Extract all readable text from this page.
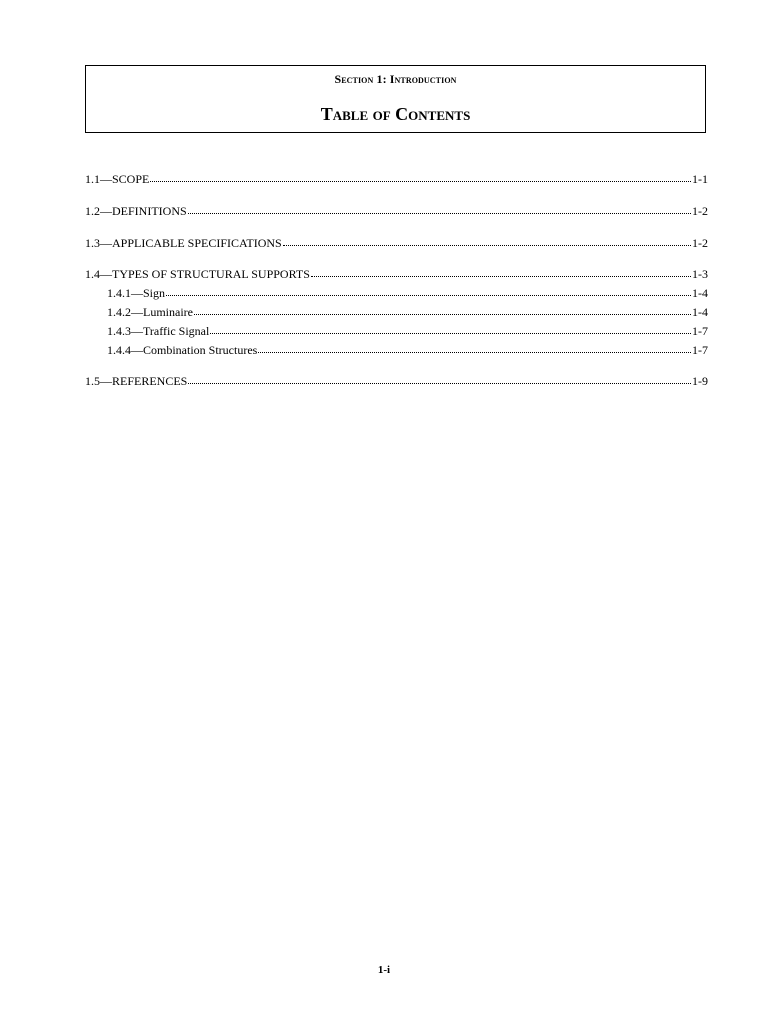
Section 1: Introduction
Table of Contents
1.1—SCOPE	1-1
1.2—DEFINITIONS	1-2
1.3—APPLICABLE SPECIFICATIONS	1-2
1.4—TYPES OF STRUCTURAL SUPPORTS	1-3
1.4.1—Sign	1-4
1.4.2—Luminaire	1-4
1.4.3—Traffic Signal	1-7
1.4.4—Combination Structures	1-7
1.5—REFERENCES	1-9
1-i
